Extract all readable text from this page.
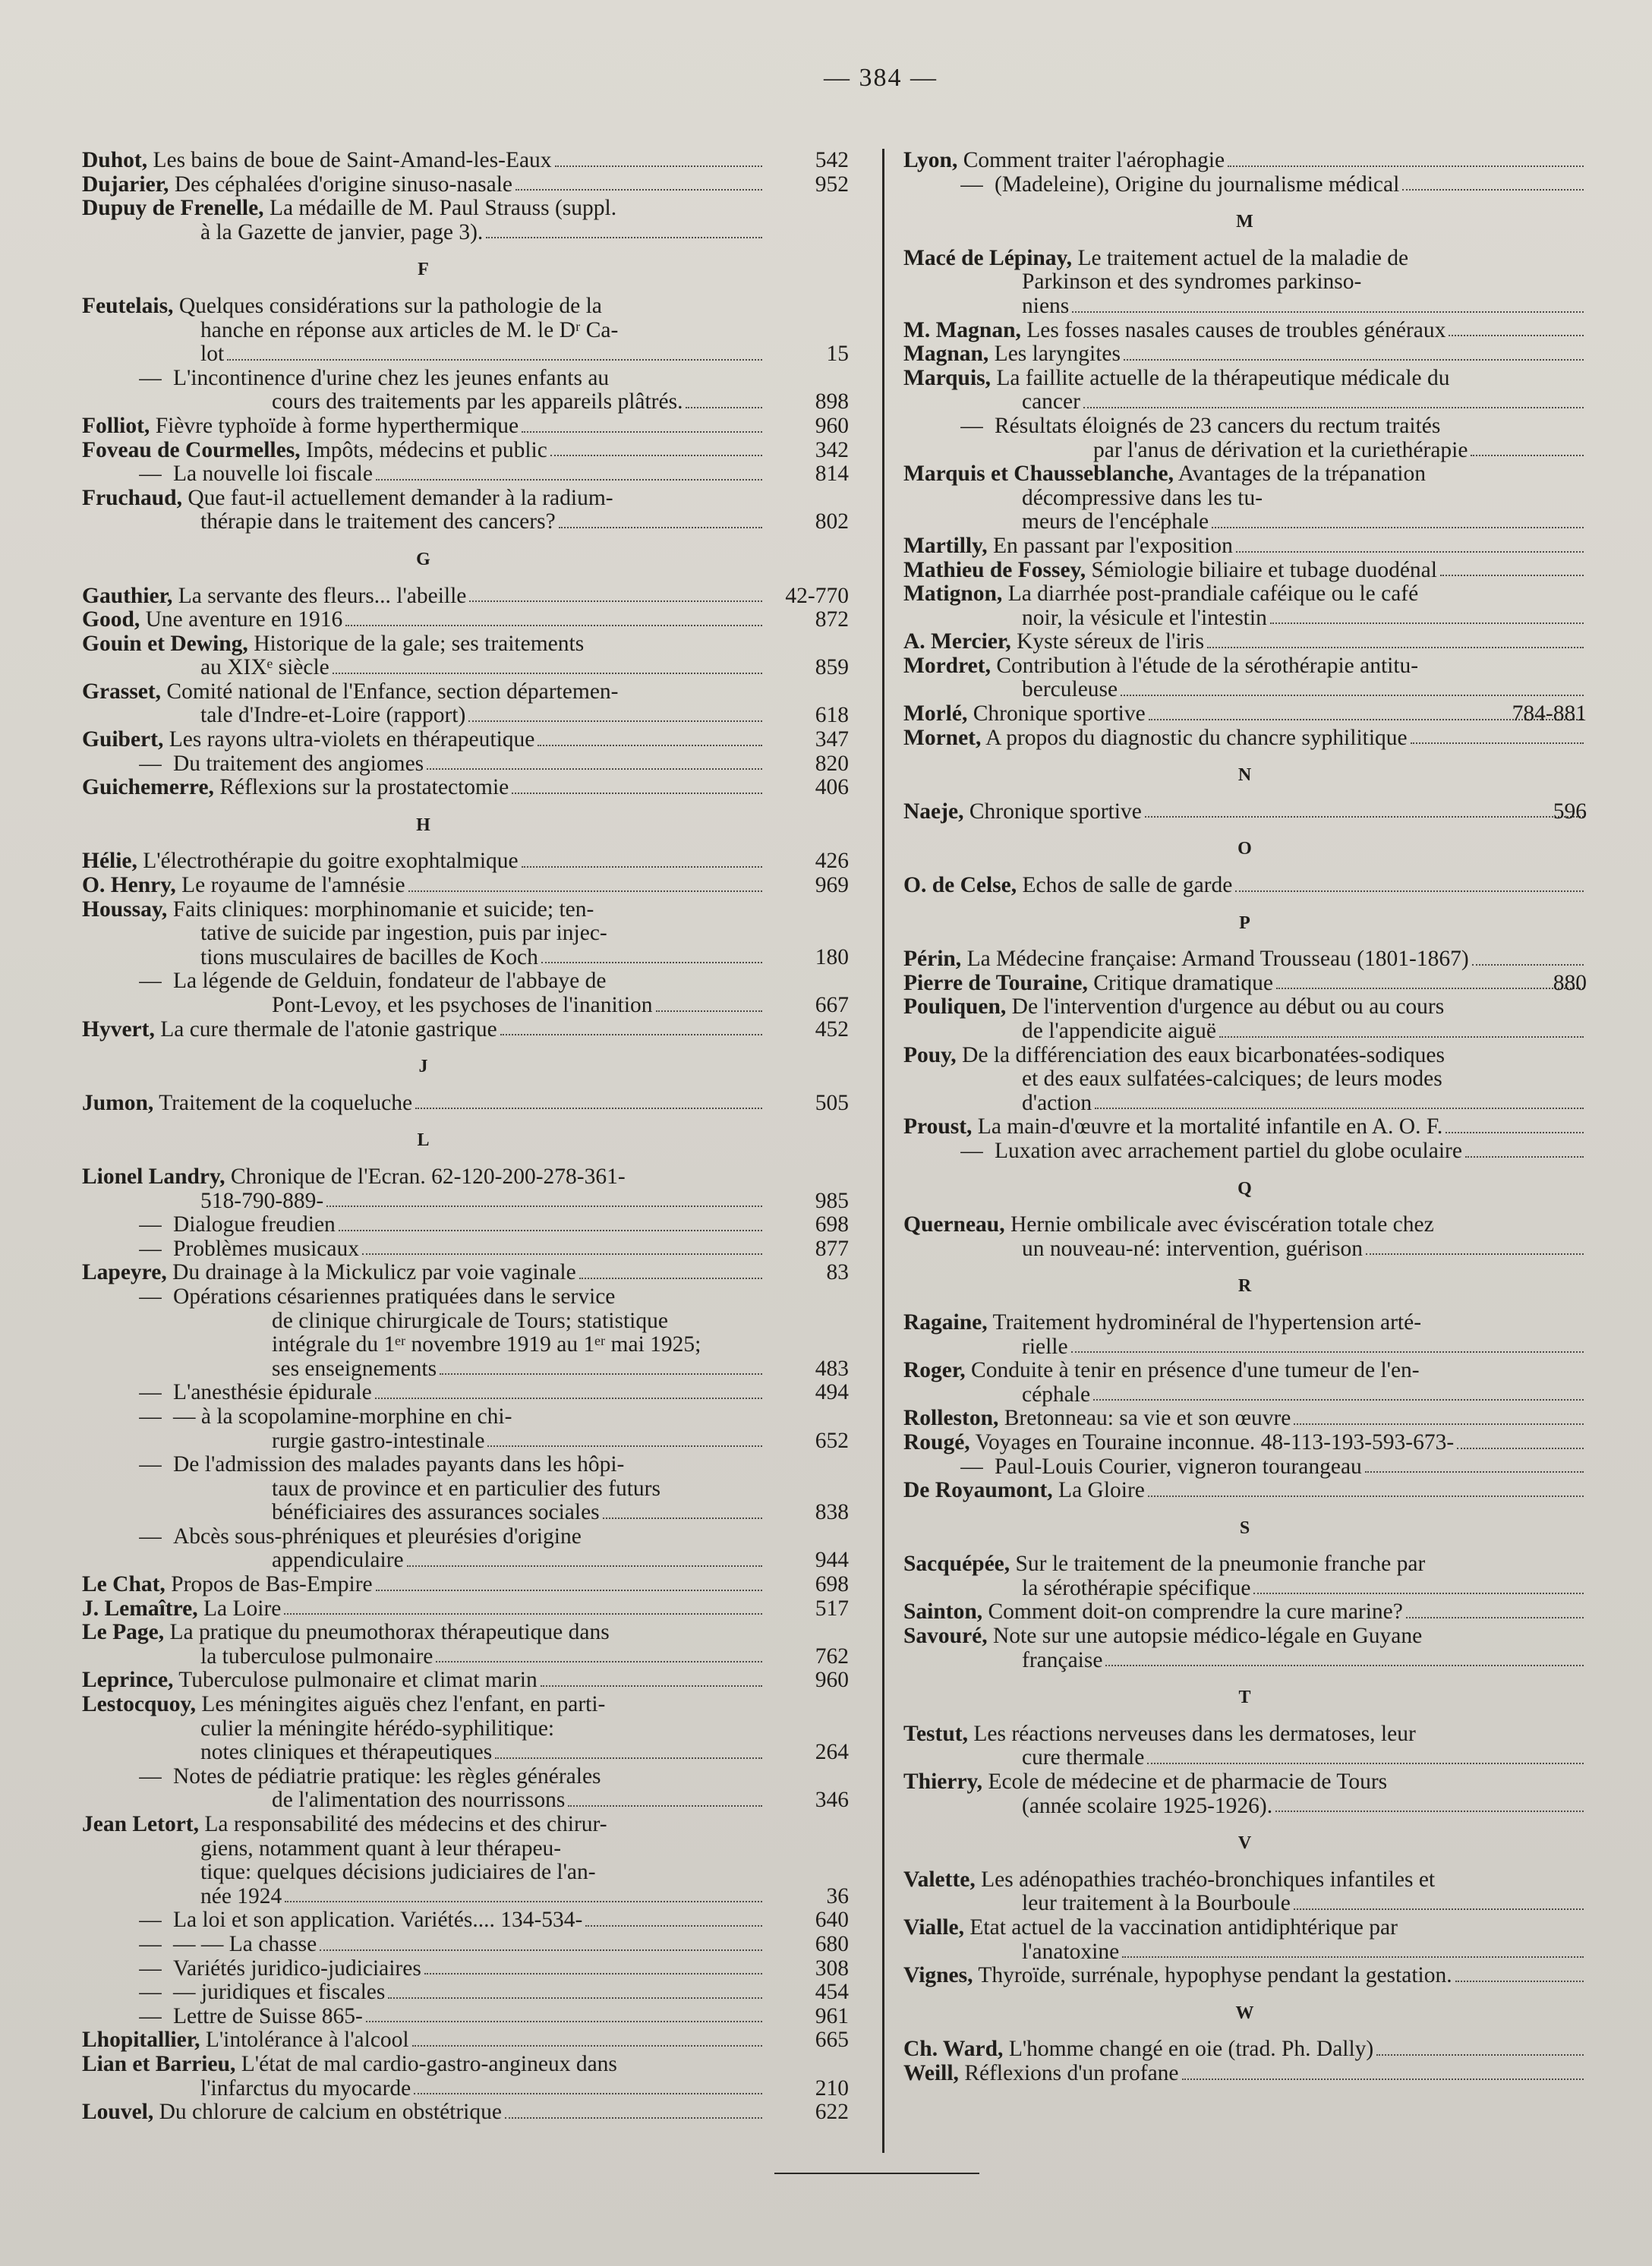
— 384 —
Duhot, Les bains de boue de Saint-Amand-les-Eaux	542
Dujarier, Des céphalées d'origine sinuso-nasale	952
Dupuy de Frenelle, La médaille de M. Paul Strauss (suppl.
à la Gazette de janvier, page 3).
F
Feutelais, Quelques considérations sur la pathologie de la
hanche en réponse aux articles de M. le Dʳ Ca-
lot	15
— L'incontinence d'urine chez les jeunes enfants au
cours des traitements par les appareils plâtrés.	898
Folliot, Fièvre typhoïde à forme hyperthermique	960
Foveau de Courmelles, Impôts, médecins et public	342
— La nouvelle loi fiscale	814
Fruchaud, Que faut-il actuellement demander à la radium-
thérapie dans le traitement des cancers?	802
G
Gauthier, La servante des fleurs... l'abeille	42-770
Good, Une aventure en 1916	872
Gouin et Dewing, Historique de la gale; ses traitements
au XIXᵉ siècle	859
Grasset, Comité national de l'Enfance, section départemen-
tale d'Indre-et-Loire (rapport)	618
Guibert, Les rayons ultra-violets en thérapeutique	347
— Du traitement des angiomes	820
Guichemerre, Réflexions sur la prostatectomie	406
H
Hélie, L'électrothérapie du goitre exophtalmique	426
O. Henry, Le royaume de l'amnésie	969
Houssay, Faits cliniques: morphinomanie et suicide; ten-
tative de suicide par ingestion, puis par injec-
tions musculaires de bacilles de Koch	180
— La légende de Gelduin, fondateur de l'abbaye de
Pont-Levoy, et les psychoses de l'inanition	667
Hyvert, La cure thermale de l'atonie gastrique	452
J
Jumon, Traitement de la coqueluche	505
L
Lionel Landry, Chronique de l'Ecran. 62-120-200-278-361-
518-790-889-	985
— Dialogue freudien	698
— Problèmes musicaux	877
Lapeyre, Du drainage à la Mickulicz par voie vaginale	83
— Opérations césariennes pratiquées dans le service
de clinique chirurgicale de Tours; statistique
intégrale du 1ᵉʳ novembre 1919 au 1ᵉʳ mai 1925;
ses enseignements	483
— L'anesthésie épidurale	494
— — à la scopolamine-morphine en chi-
rurgie gastro-intestinale	652
— De l'admission des malades payants dans les hôpi-
taux de province et en particulier des futurs
bénéficiaires des assurances sociales	838
— Abcès sous-phréniques et pleurésies d'origine
appendiculaire	944
Le Chat, Propos de Bas-Empire	698
J. Lemaître, La Loire	517
Le Page, La pratique du pneumothorax thérapeutique dans
la tuberculose pulmonaire	762
Leprince, Tuberculose pulmonaire et climat marin	960
Lestocquoy, Les méningites aiguës chez l'enfant, en parti-
culier la méningite hérédo-syphilitique:
notes cliniques et thérapeutiques	264
— Notes de pédiatrie pratique: les règles générales
de l'alimentation des nourrissons	346
Jean Letort, La responsabilité des médecins et des chirur-
giens, notamment quant à leur thérapeu-
tique: quelques décisions judiciaires de l'an-
née 1924	36
— La loi et son application. Variétés.... 134-534-	640
— — — La chasse	680
— Variétés juridico-judiciaires	308
— — juridiques et fiscales	454
— Lettre de Suisse 865-	961
Lhopitallier, L'intolérance à l'alcool	665
Lian et Barrieu, L'état de mal cardio-gastro-angineux dans
l'infarctus du myocarde	210
Louvel, Du chlorure de calcium en obstétrique	622
Lyon, Comment traiter l'aérophagie
— (Madeleine), Origine du journalisme médical
M
Macé de Lépinay, Le traitement actuel de la maladie de
Parkinson et des syndromes parkinso-
niens
M. Magnan, Les fosses nasales causes de troubles généraux
Magnan, Les laryngites
Marquis, La faillite actuelle de la thérapeutique médicale du
cancer
— Résultats éloignés de 23 cancers du rectum traités
par l'anus de dérivation et la curiethérapie
Marquis et Chausseblanche, Avantages de la trépanation
décompressive dans les tu-
meurs de l'encéphale
Martilly, En passant par l'exposition
Mathieu de Fossey, Sémiologie biliaire et tubage duodénal
Matignon, La diarrhée post-prandiale caféique ou le café
noir, la vésicule et l'intestin
A. Mercier, Kyste séreux de l'iris
Mordret, Contribution à l'étude de la sérothérapie antitu-
berculeuse
Morlé, Chronique sportive	784-881
Mornet, A propos du diagnostic du chancre syphilitique
N
Naeje, Chronique sportive	596
O
O. de Celse, Echos de salle de garde
P
Périn, La Médecine française: Armand Trousseau (1801-1867)
Pierre de Touraine, Critique dramatique	880
Pouliquen, De l'intervention d'urgence au début ou au cours
de l'appendicite aiguë
Pouy, De la différenciation des eaux bicarbonatées-sodiques
et des eaux sulfatées-calciques; de leurs modes
d'action
Proust, La main-d'œuvre et la mortalité infantile en A. O. F.
— Luxation avec arrachement partiel du globe oculaire
Q
Querneau, Hernie ombilicale avec éviscération totale chez
un nouveau-né: intervention, guérison
R
Ragaine, Traitement hydrominéral de l'hypertension arté-
rielle
Roger, Conduite à tenir en présence d'une tumeur de l'en-
céphale
Rolleston, Bretonneau: sa vie et son œuvre
Rougé, Voyages en Touraine inconnue. 48-113-193-593-673-
— Paul-Louis Courier, vigneron tourangeau
De Royaumont, La Gloire
S
Sacquépée, Sur le traitement de la pneumonie franche par
la sérothérapie spécifique
Sainton, Comment doit-on comprendre la cure marine?
Savouré, Note sur une autopsie médico-légale en Guyane
française
T
Testut, Les réactions nerveuses dans les dermatoses, leur
cure thermale
Thierry, Ecole de médecine et de pharmacie de Tours
(année scolaire 1925-1926).
V
Valette, Les adénopathies trachéo-bronchiques infantiles et
leur traitement à la Bourboule
Vialle, Etat actuel de la vaccination antidiphtérique par
l'anatoxine
Vignes, Thyroïde, surrénale, hypophyse pendant la gestation.
W
Ch. Ward, L'homme changé en oie (trad. Ph. Dally)
Weill, Réflexions d'un profane
